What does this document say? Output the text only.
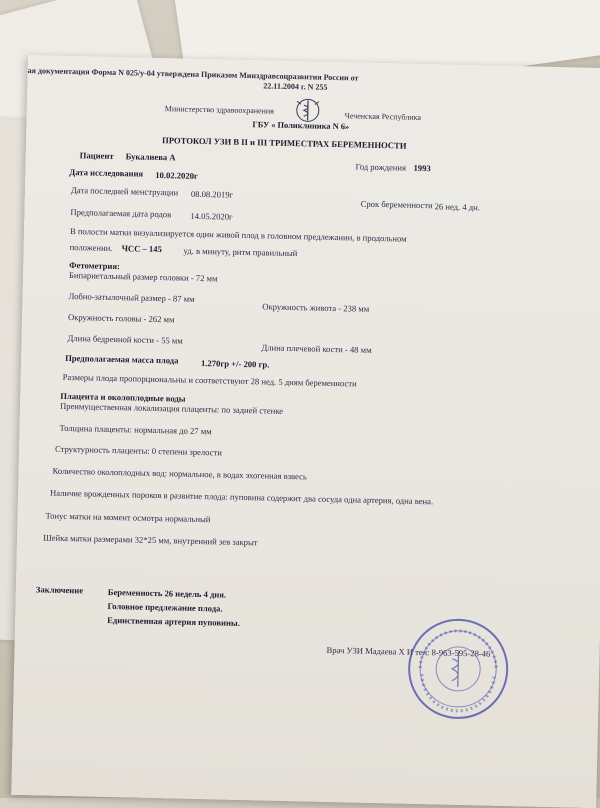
ая документация Форма N 025/у-04 утверждена Приказом Минздравсоцразвития России от
22.11.2004 г. N 255
Министерство здравоохранения
Чеченская Республика
ГБУ « Поликлиника N 6»
ПРОТОКОЛ УЗИ В II и III ТРИМЕСТРАХ БЕРЕМЕННОСТИ
Пациент Букалиева А
Год рождения 1993
Дата исследования 10.02.2020г
Дата последней менструации 08.08.2019г
Срок беременности 26 нед. 4 дн.
Предполагаемая дата родов 14.05.2020г
В полости матки визуализируется один живой плод в головном предлежании, в продольном
положении. ЧСС – 145	уд. в минуту, ритм правильный
Фетометрия:
Бипариетальный размер головки - 72 мм
Лобно-затылочный размер - 87 мм
Окружность живота - 238 мм
Окружность головы - 262 мм
Длина бедренной кости - 55 мм
Длина плечевой кости - 48 мм
Предполагаемая масса плода	1.270гр +/- 200 гр.
Размеры плода пропорциональны и соответствуют 28 нед. 5 дням беременности
Плацента и околоплодные воды
Преимущественная локализация плаценты: по задней стенке
Толщина плаценты: нормальная до 27 мм
Структурность плаценты: 0 степени зрелости
Количество околоплодных вод: нормальное, в водах эхогенная взвесь
Наличие врожденных пороков в развитие плода: пуповина содержит два сосуда одна артерия, одна вена.
Тонус матки на момент осмотра нормальный
Шейка матки размерами 32*25 мм, внутренний зев закрыт
Заключение	Беременность 26 недель 4 дня.
Головное предлежание плода.
Единственная артерия пуповины.
Врач УЗИ Мадаева Х И тел: 8-963-595-28-46
